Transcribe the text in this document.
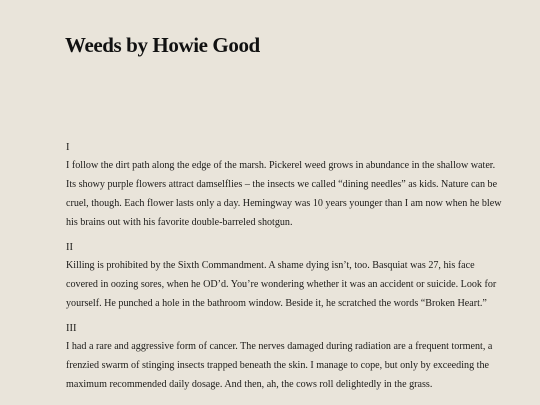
Weeds by Howie Good
I

I follow the dirt path along the edge of the marsh. Pickerel weed grows in abundance in the shallow water.
Its showy purple flowers attract damselflies – the insects we called “dining needles” as kids. Nature can be
cruel, though. Each flower lasts only a day. Hemingway was 10 years younger than I am now when he blew
his brains out with his favorite double-barreled shotgun.

II

Killing is prohibited by the Sixth Commandment. A shame dying isn’t, too. Basquiat was 27, his face
covered in oozing sores, when he OD’d. You’re wondering whether it was an accident or suicide. Look for
yourself. He punched a hole in the bathroom window. Beside it, he scratched the words “Broken Heart.”

III

I had a rare and aggressive form of cancer. The nerves damaged during radiation are a frequent torment, a
frenzied swarm of stinging insects trapped beneath the skin. I manage to cope, but only by exceeding the
maximum recommended daily dosage. And then, ah, the cows roll delightedly in the grass.
